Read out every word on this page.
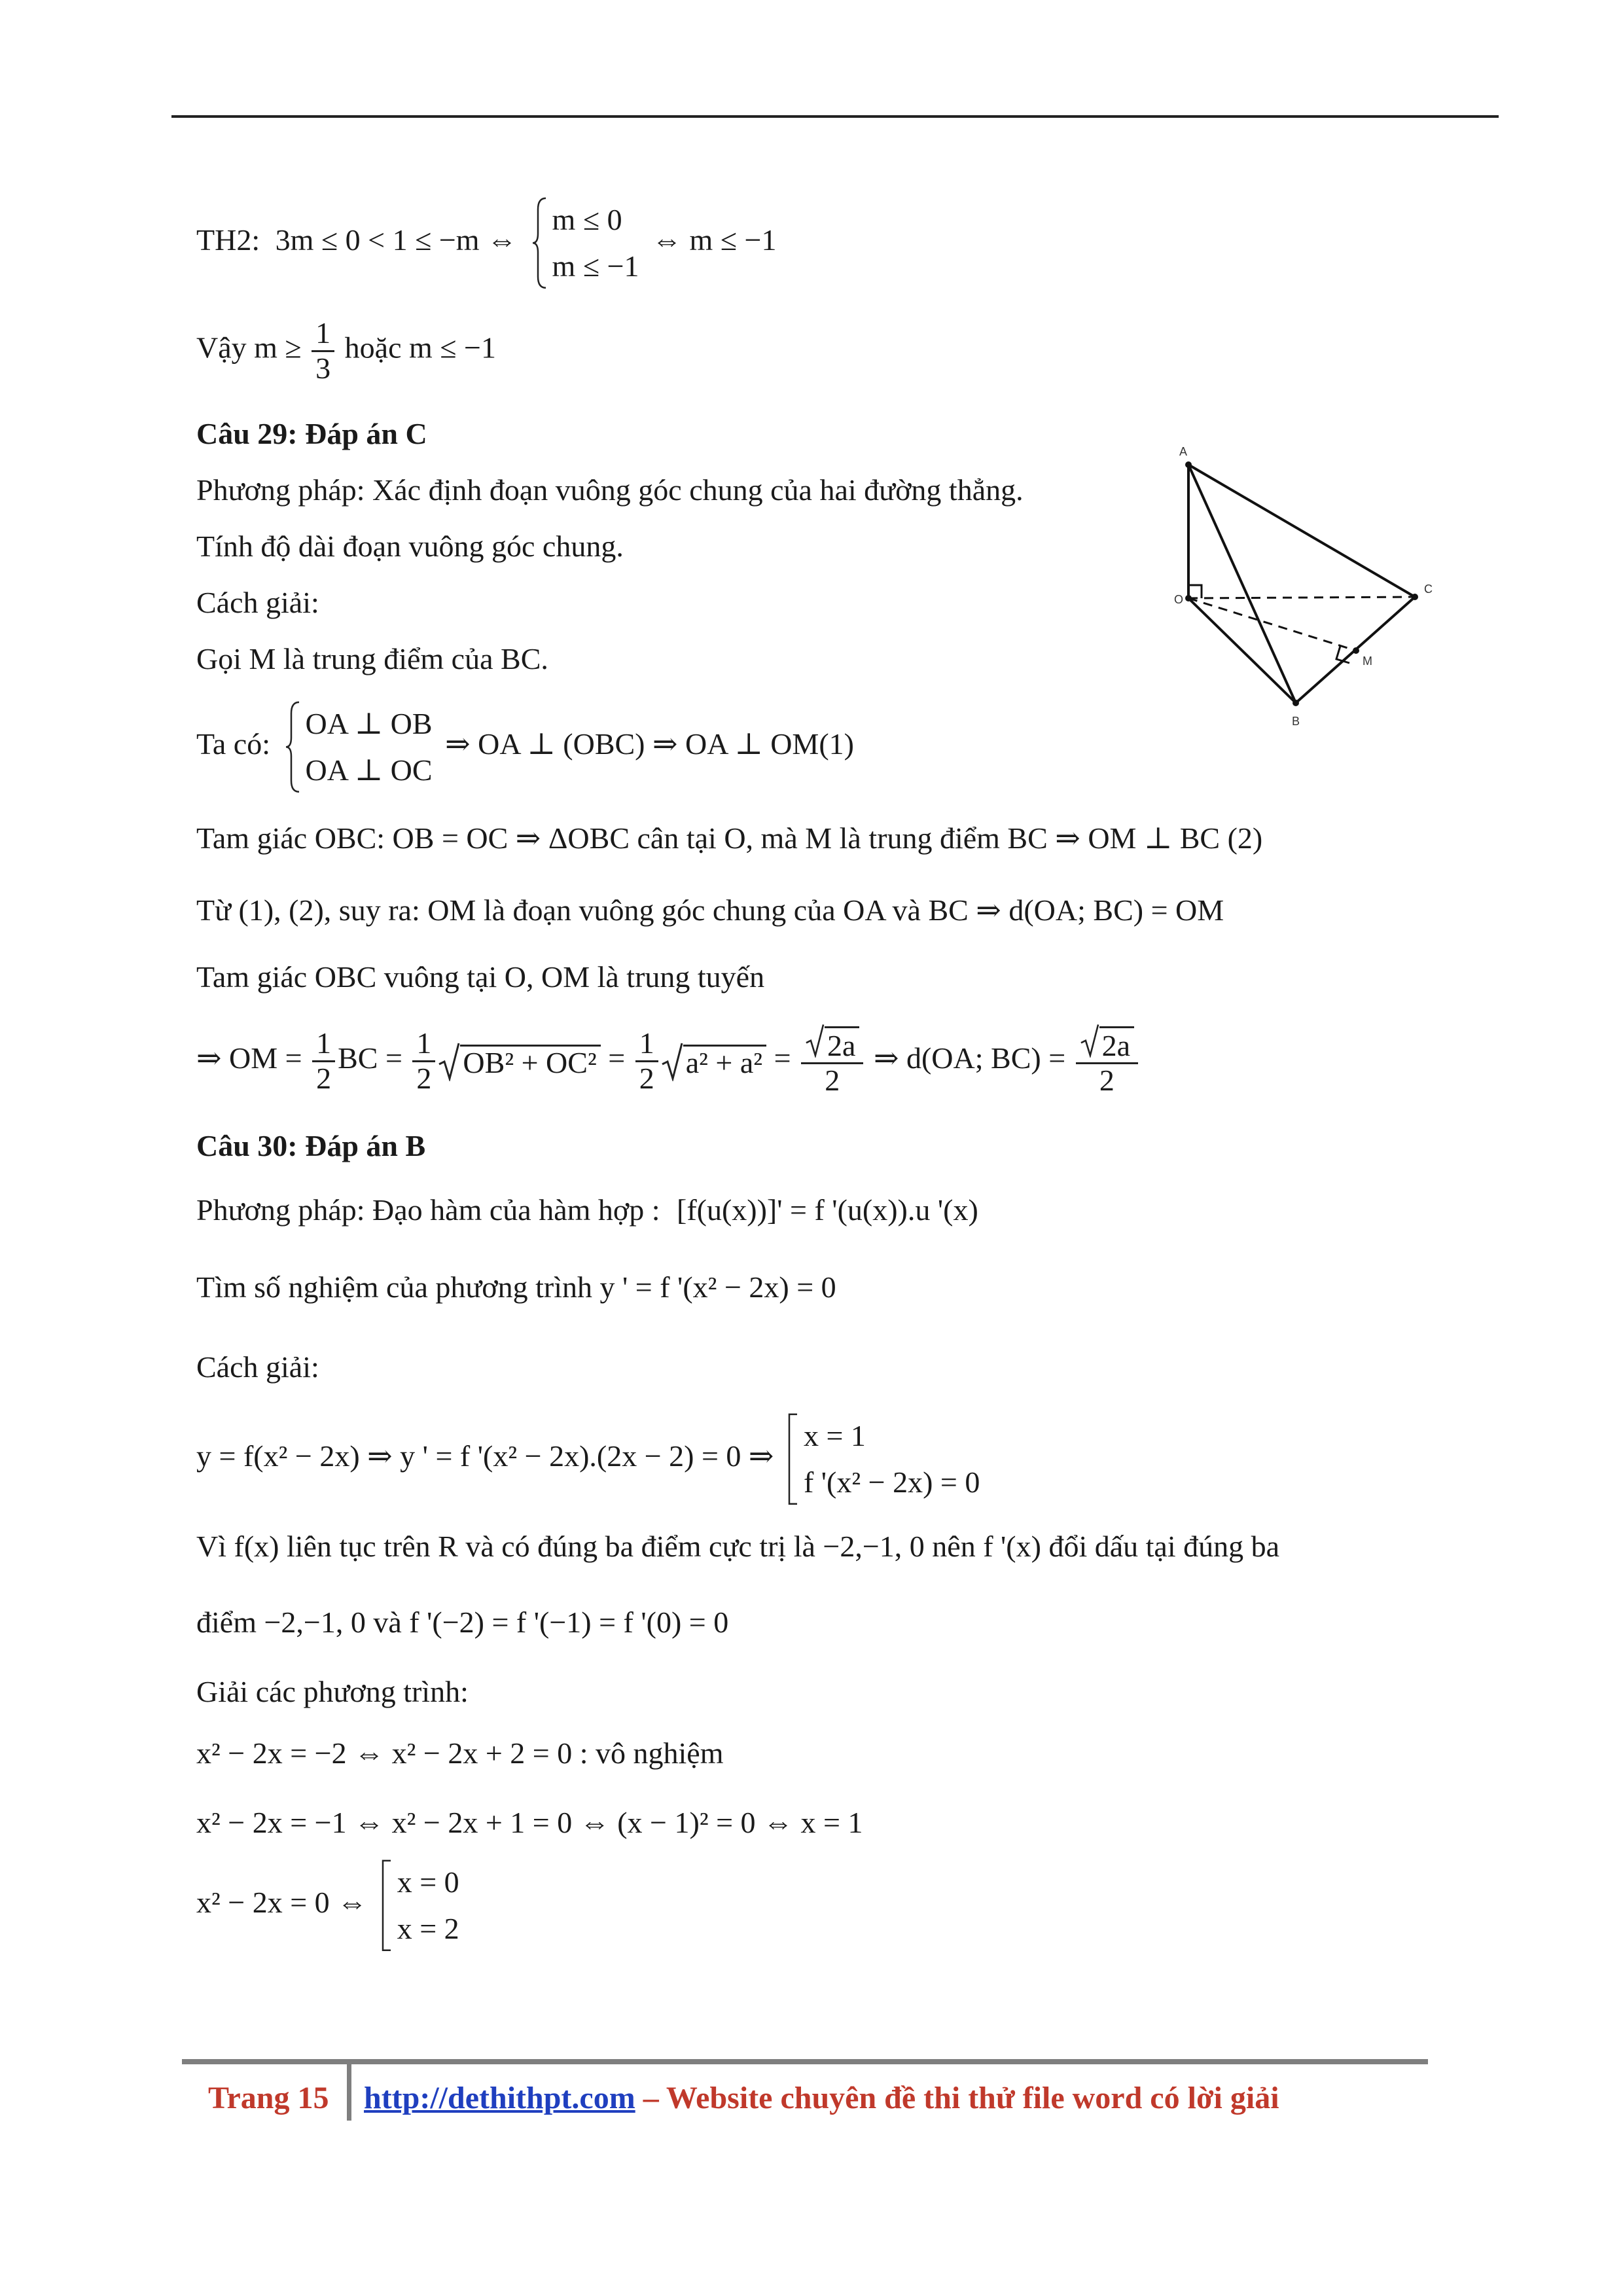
TH2: 3m ≤ 0 < 1 ≤ −m ⇔
m ≤ 0
m ≤ −1
⇔ m ≤ −1
Vậy $m \ge \frac{1}{3}$ hoặc m ≤ −1
Câu 29: Đáp án C
Phương pháp: Xác định đoạn vuông góc chung của hai đường thẳng.
Tính độ dài đoạn vuông góc chung.
Cách giải:
Gọi M là trung điểm của BC.
Ta có:
OA ⊥ OB
OA ⊥ OC
⇒ OA ⊥ (OBC) ⇒ OA ⊥ OM(1)
Tam giác OBC: OB = OC ⇒ ΔOBC cân tại O, mà M là trung điểm BC ⇒ OM ⊥ BC (2)
Từ (1), (2), suy ra: OM là đoạn vuông góc chung của OA và BC ⇒ d(OA; BC) = OM
Tam giác OBC vuông tại O, OM là trung tuyến
⇒ OM = $\frac{1}{2}$ BC = $\frac{1}{2} OB^2 + OC^2 = \frac{1}{2} a^2 + a^2 = \frac{2a}{2}$ ⇒ d(OA; $BC) = \frac{2a}{2}$
A
O
C
M
B
Câu 30: Đáp án B
Phương pháp: Đạo hàm của hàm hợp : [f(u(x))]' = f '(u(x)).u '(x)
Tìm số nghiệm của phương trình y ' = f '(x² − 2x) = 0
Cách giải:
y = f(x² − 2x) ⇒ y ' = f '(x² − 2x).(2x − 2) = 0 ⇒
x = 1
f '(x² − 2x) = 0
Vì f(x) liên tục trên R và có đúng ba điểm cực trị là −2,−1, 0 nên f '(x) đổi dấu tại đúng ba
điểm −2,−1, 0 và f '(−2) = f '(−1) = f '(0) = 0
Giải các phương trình:
x² − 2x = −2 ⇔ x² − 2x + 2 = 0 : vô nghiệm
x² − 2x = −1 ⇔ x² − 2x + 1 = 0 ⇔ (x − 1)² = 0 ⇔ x = 1
x² − 2x = 0 ⇔
x = 0
x = 2
Trang 15 http://dethithpt.com – Website chuyên đề thi thử file word có lời giải
